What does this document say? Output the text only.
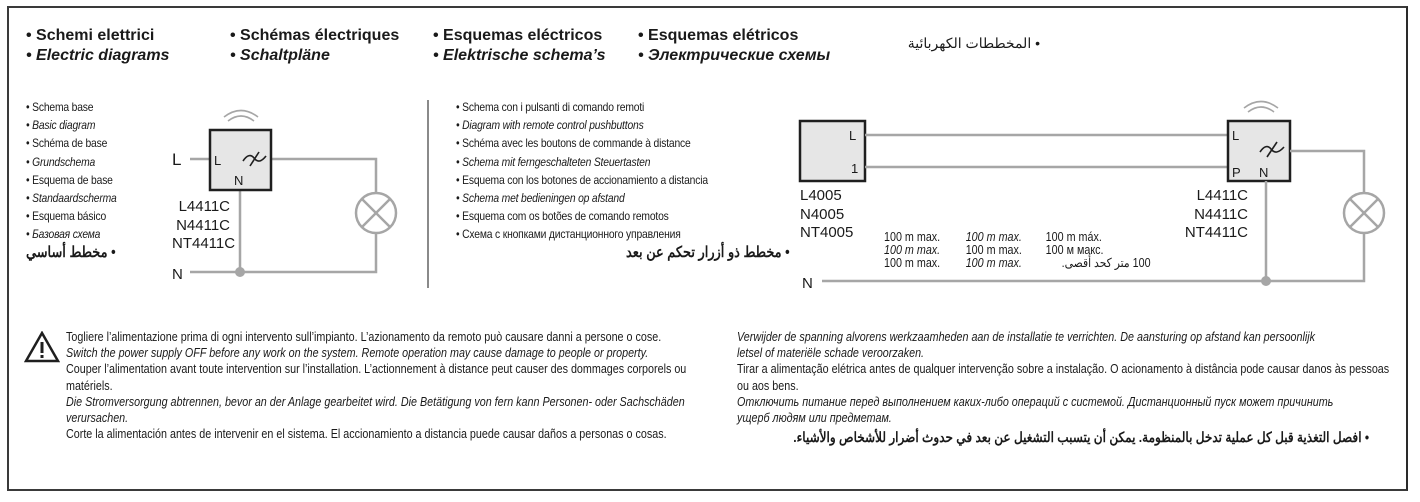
• Schemi elettrici
• Electric diagrams
• Schémas électriques
• Schaltpläne
• Esquemas eléctricos
• Elektrische schema’s
• Esquemas elétricos
• Электрические схемы
• المخططات الكهربائية
• Schema base
• Basic diagram
• Schéma de base
• Grundschema
• Esquema de base
• Standaardscherma
• Esquema básico
• Базовая схема
• مخطط أساسي
• Schema con i pulsanti di comando remoti
• Diagram with remote control pushbuttons
• Schéma avec les boutons de commande à distance
• Schema mit ferngeschalteten Steuertasten
• Esquema con los botones de accionamiento a distancia
• Schema met bedieningen op afstand
• Esquema com os botões de comando remotos
• Схема с кнопками дистанционного управления
• مخطط ذو أزرار تحكم عن بعد
L	L
N
N
L
1
L
P N
N
L4411C
N4411C
NT4411C
L4005
N4005
NT4005
L4411C
N4411C
NT4411C
100 m max. 100 m max. 100 m máx.
100 m max. 100 m max. 100 м макс.
100 m max. 100 m max.	100 متر كحد أقصى.

Togliere l’alimentazione prima di ogni intervento sull’impianto. L’azionamento da remoto può causare danni a persone o cose.

Switch the power supply OFF before any work on the system. Remote operation may cause damage to people or property.

Couper l’alimentation avant toute intervention sur l’installation. L’actionnement à distance peut causer des dommages corporels ou matériels.

Die Stromversorgung abtrennen, bevor an der Anlage gearbeitet wird. Die Betätigung von fern kann Personen- oder Sachschäden verursachen.

Corte la alimentación antes de intervenir en el sistema. El accionamiento a distancia puede causar daños a personas o cosas.

Verwijder de spanning alvorens werkzaamheden aan de installatie te verrichten. De aansturing op afstand kan persoonlijk letsel of materiële schade veroorzaken.

Tirar a alimentação elétrica antes de qualquer intervenção sobre a instalação. O acionamento à distância pode causar danos às pessoas ou aos bens.

Отключить питание перед выполнением каких-либо операций с системой. Дистанционный пуск может причинить ущерб людям или предметам.

• افصل التغذية قبل كل عملية تدخل بالمنظومة. يمكن أن يتسبب التشغيل عن بعد في حدوث أضرار للأشخاص والأشياء.
